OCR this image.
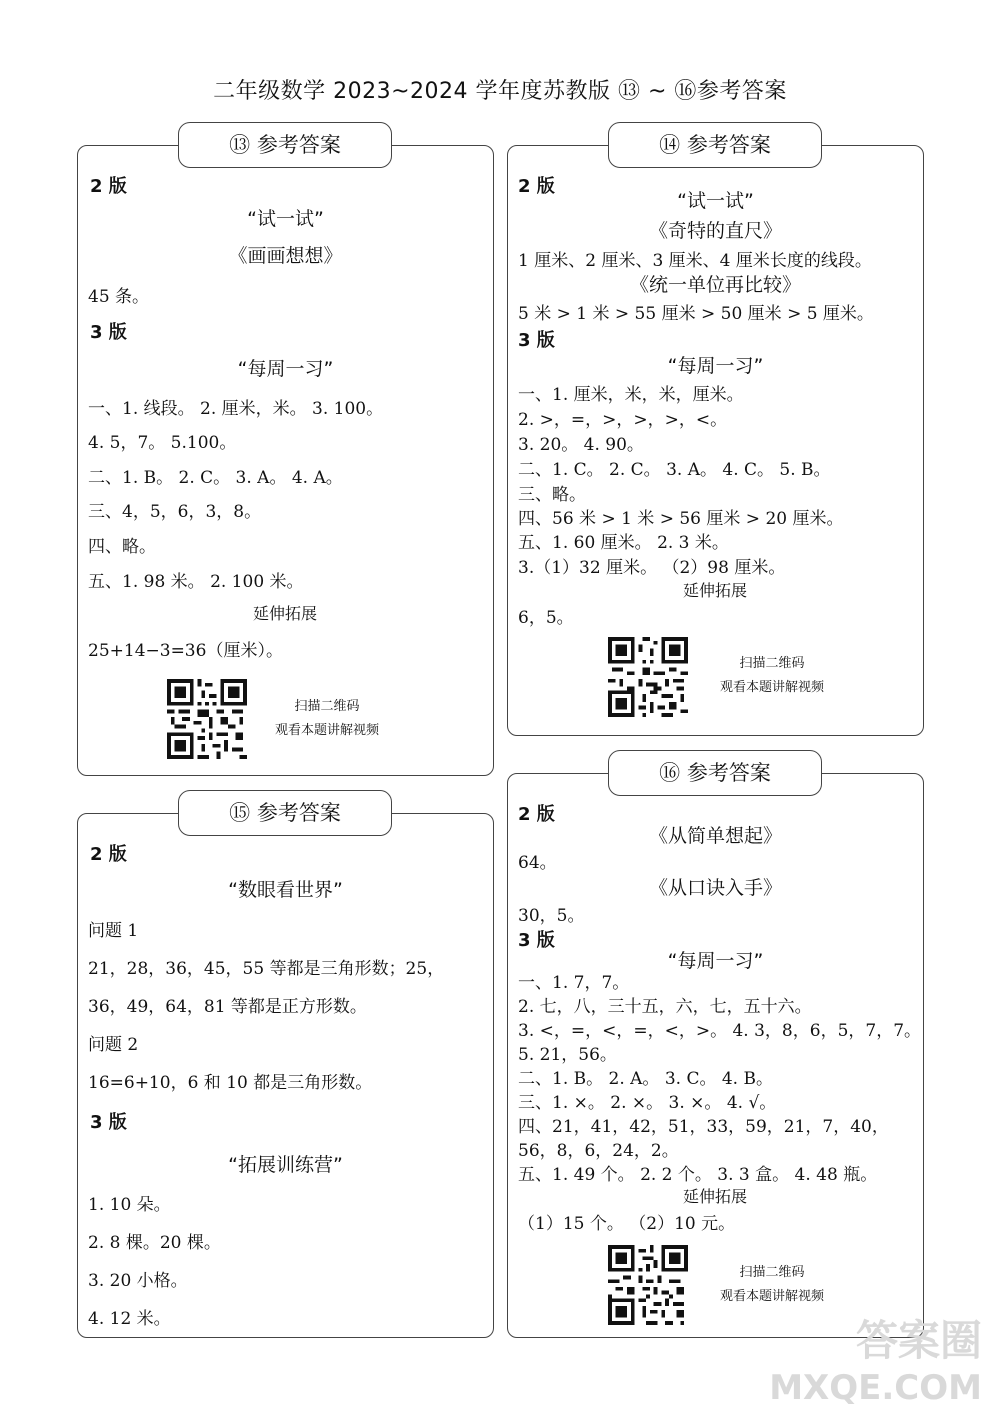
二年级数学 2023~2024 学年度苏教版 ⑬ ~ ⑯参考答案
⑬ 参考答案
2 版
“试一试”
《画画想想》
45 条。
3 版
“每周一习”
一、1. 线段。 2. 厘米，米。 3. 100。
4. 5，7。 5.100。
二、1. B。 2. C。 3. A。 4. A。
三、4，5，6，3，8。
四、略。
五、1. 98 米。 2. 100 米。
延伸拓展
25+14−3=36（厘米）。
扫描二维码
观看本题讲解视频
⑭ 参考答案
2 版
“试一试”
《奇特的直尺》
1 厘米、2 厘米、3 厘米、4 厘米长度的线段。
《统一单位再比较》
5 米 > 1 米 > 55 厘米 > 50 厘米 > 5 厘米。
3 版
“每周一习”
一、1. 厘米，米，米，厘米。
2. >，=，>，>，>，<。
3. 20。 4. 90。
二、1. C。 2. C。 3. A。 4. C。 5. B。
三、略。
四、56 米 > 1 米 > 56 厘米 > 20 厘米。
五、1. 60 厘米。 2. 3 米。
3.（1）32 厘米。 （2）98 厘米。
延伸拓展
6，5。
扫描二维码
观看本题讲解视频
⑮ 参考答案
2 版
“数眼看世界”
问题 1
21，28，36，45，55 等都是三角形数；25，
36，49，64，81 等都是正方形数。
问题 2
16=6+10，6 和 10 都是三角形数。
3 版
“拓展训练营”
1. 10 朵。
2. 8 棵。20 棵。
3. 20 小格。
4. 12 米。
⑯ 参考答案
2 版
《从简单想起》
64。
《从口诀入手》
30，5。
3 版
“每周一习”
一、1. 7，7。
2. 七，八，三十五，六，七，五十六。
3. <，=，<，=，<，>。 4. 3，8，6，5，7，7。
5. 21，56。
二、1. B。 2. A。 3. C。 4. B。
三、1. ×。 2. ×。 3. ×。 4. √。
四、21，41，42，51，33，59，21，7，40，
56，8，6，24，2。
五、1. 49 个。 2. 2 个。 3. 3 盒。 4. 48 瓶。
延伸拓展
（1）15 个。 （2）10 元。
扫描二维码
观看本题讲解视频
答案圈
MXQE.COM
